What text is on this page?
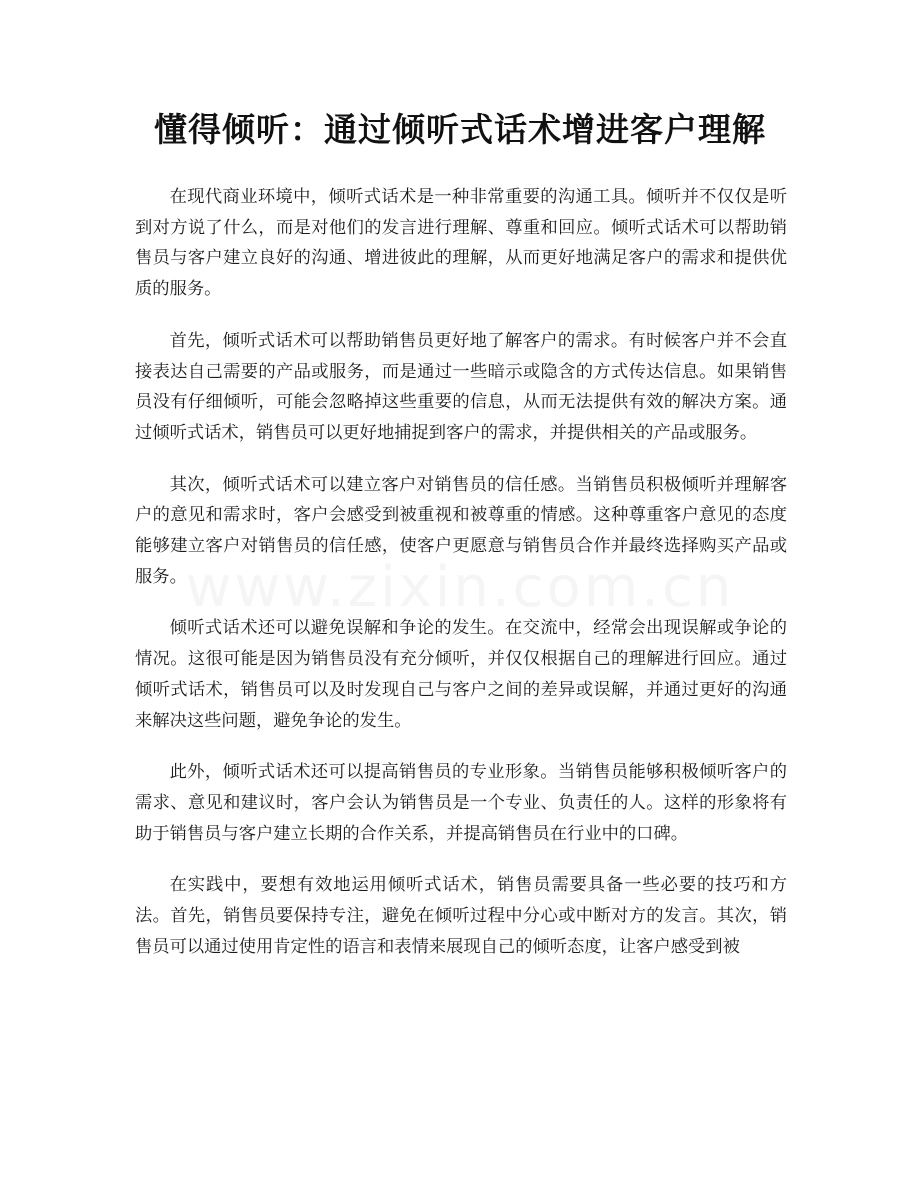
懂得倾听：通过倾听式话术增进客户理解
www.zixin.com.cn

在现代商业环境中，倾听式话术是一种非常重要的沟通工具。倾听并不仅仅是听到对方说了什么，而是对他们的发言进行理解、尊重和回应。倾听式话术可以帮助销售员与客户建立良好的沟通、增进彼此的理解，从而更好地满足客户的需求和提供优质的服务。

首先，倾听式话术可以帮助销售员更好地了解客户的需求。有时候客户并不会直接表达自己需要的产品或服务，而是通过一些暗示或隐含的方式传达信息。如果销售员没有仔细倾听，可能会忽略掉这些重要的信息，从而无法提供有效的解决方案。通过倾听式话术，销售员可以更好地捕捉到客户的需求，并提供相关的产品或服务。

其次，倾听式话术可以建立客户对销售员的信任感。当销售员积极倾听并理解客户的意见和需求时，客户会感受到被重视和被尊重的情感。这种尊重客户意见的态度能够建立客户对销售员的信任感，使客户更愿意与销售员合作并最终选择购买产品或服务。

倾听式话术还可以避免误解和争论的发生。在交流中，经常会出现误解或争论的情况。这很可能是因为销售员没有充分倾听，并仅仅根据自己的理解进行回应。通过倾听式话术，销售员可以及时发现自己与客户之间的差异或误解，并通过更好的沟通来解决这些问题，避免争论的发生。

此外，倾听式话术还可以提高销售员的专业形象。当销售员能够积极倾听客户的需求、意见和建议时，客户会认为销售员是一个专业、负责任的人。这样的形象将有助于销售员与客户建立长期的合作关系，并提高销售员在行业中的口碑。

在实践中，要想有效地运用倾听式话术，销售员需要具备一些必要的技巧和方法。首先，销售员要保持专注，避免在倾听过程中分心或中断对方的发言。其次，销售员可以通过使用肯定性的语言和表情来展现自己的倾听态度，让客户感受到被
